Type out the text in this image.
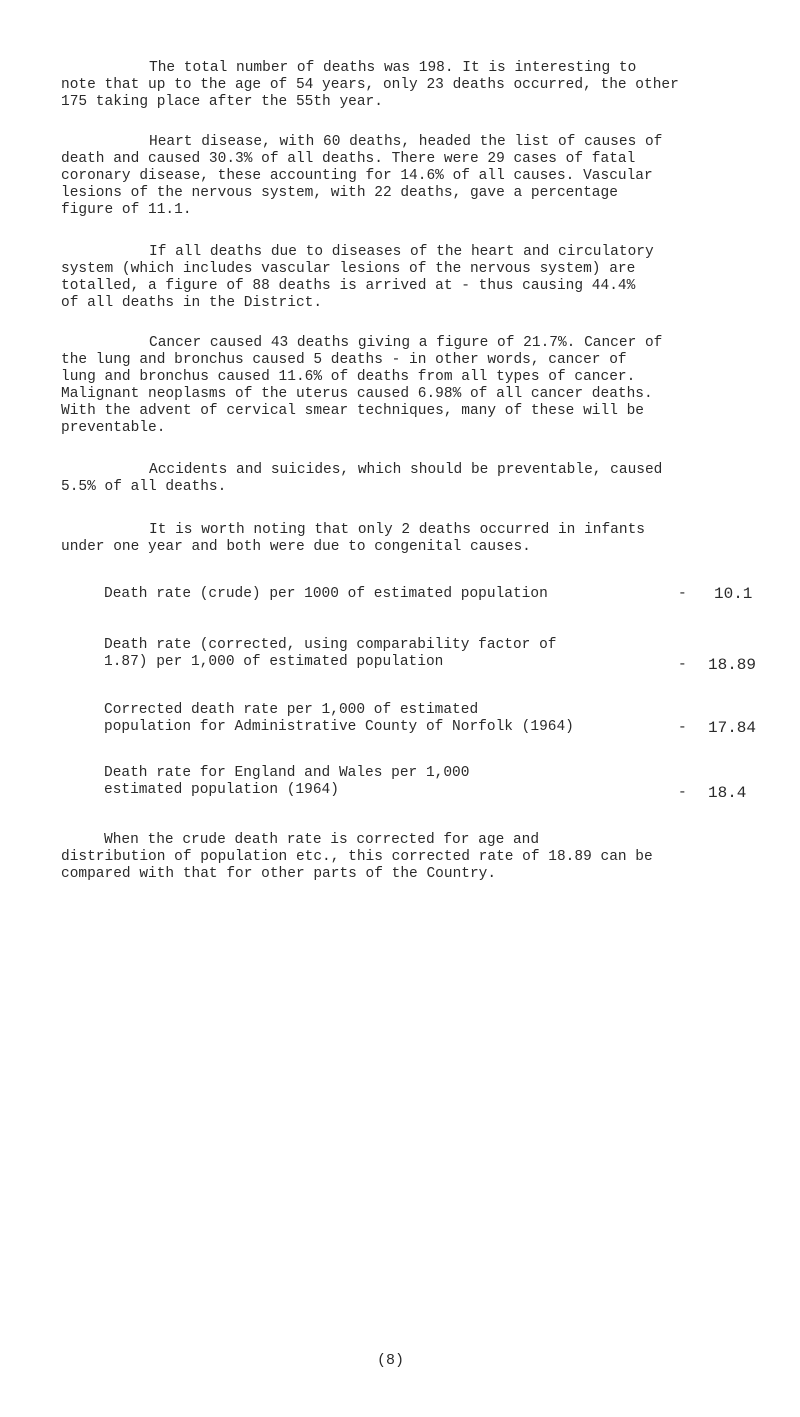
The total number of deaths was 198. It is interesting to
note that up to the age of 54 years, only 23 deaths occurred, the other
175 taking place after the 55th year.
Heart disease, with 60 deaths, headed the list of causes of
death and caused 30.3% of all deaths. There were 29 cases of fatal
coronary disease, these accounting for 14.6% of all causes. Vascular
lesions of the nervous system, with 22 deaths, gave a percentage
figure of 11.1.
If all deaths due to diseases of the heart and circulatory
system (which includes vascular lesions of the nervous system) are
totalled, a figure of 88 deaths is arrived at - thus causing 44.4%
of all deaths in the District.
Cancer caused 43 deaths giving a figure of 21.7%. Cancer of
the lung and bronchus caused 5 deaths - in other words, cancer of
lung and bronchus caused 11.6% of deaths from all types of cancer.
Malignant neoplasms of the uterus caused 6.98% of all cancer deaths.
With the advent of cervical smear techniques, many of these will be
preventable.
Accidents and suicides, which should be preventable, caused
5.5% of all deaths.
It is worth noting that only 2 deaths occurred in infants
under one year and both were due to congenital causes.
Death rate (crude) per 1000 of estimated population	- 10.1
Death rate (corrected, using comparability factor of
1.87) per 1,000 of estimated population	- 18.89
Corrected death rate per 1,000 of estimated
population for Administrative County of Norfolk (1964)	- 17.84
Death rate for England and Wales per 1,000
estimated population (1964)	- 18.4
When the crude death rate is corrected for age and
distribution of population etc., this corrected rate of 18.89 can be
compared with that for other parts of the Country.
(8)
